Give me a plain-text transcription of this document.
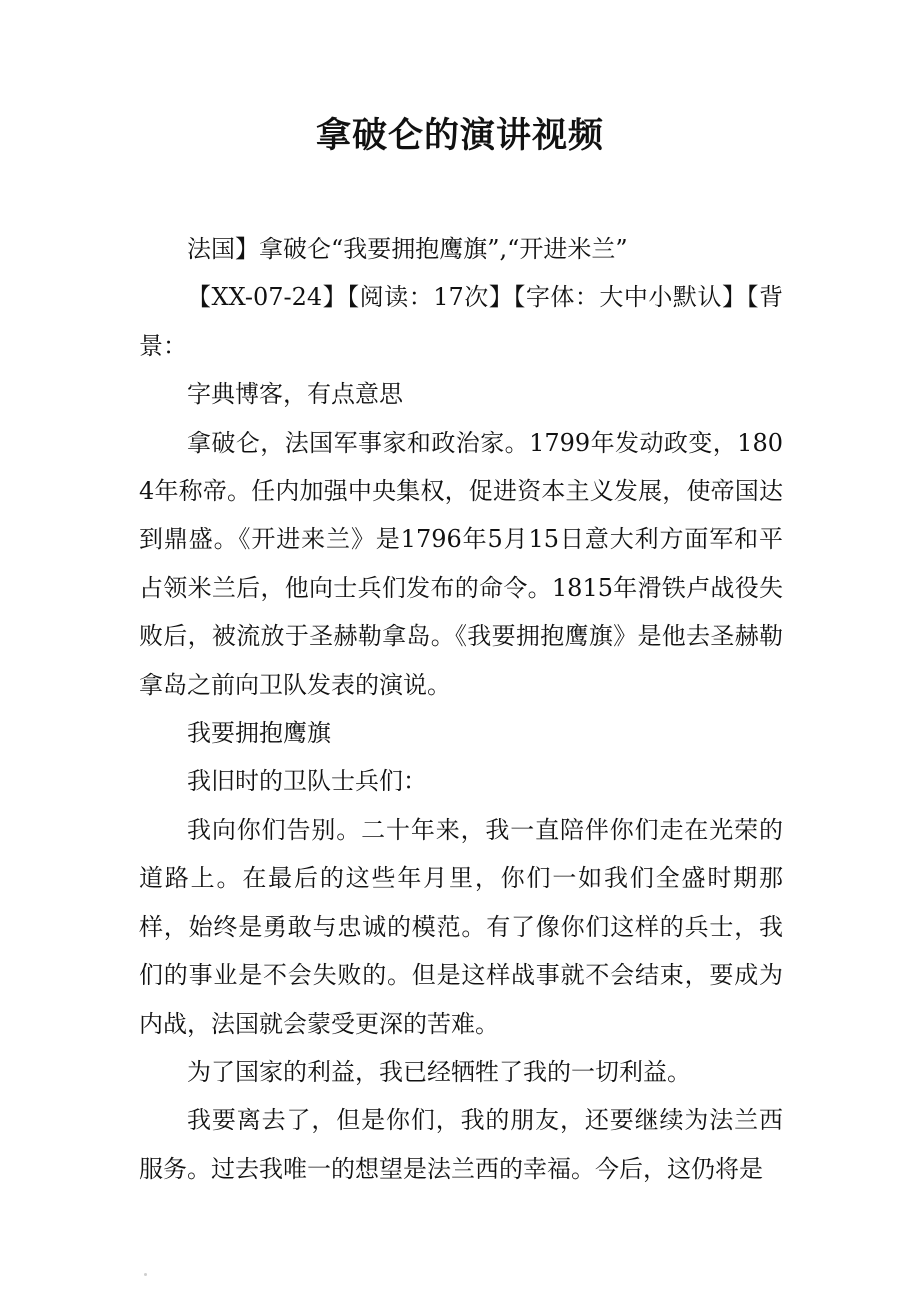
拿破仑的演讲视频

法国】拿破仑“我要拥抱鹰旗”,“开进米兰”

【XX-07-24】【阅读：17次】【字体：大中小默认】【背景：

字典博客，有点意思

拿破仑，法国军事家和政治家。1799年发动政变，1804年称帝。任内加强中央集权，促进资本主义发展，使帝国达到鼎盛。《开进来兰》是1796年5月15日意大利方面军和平占领米兰后，他向士兵们发布的命令。1815年滑铁卢战役失败后，被流放于圣赫勒拿岛。《我要拥抱鹰旗》是他去圣赫勒拿岛之前向卫队发表的演说。

我要拥抱鹰旗

我旧时的卫队士兵们：

我向你们告别。二十年来，我一直陪伴你们走在光荣的道路上。在最后的这些年月里，你们一如我们全盛时期那样，始终是勇敢与忠诚的模范。有了像你们这样的兵士，我们的事业是不会失败的。但是这样战事就不会结束，要成为内战，法国就会蒙受更深的苦难。

为了国家的利益，我已经牺牲了我的一切利益。

我要离去了，但是你们，我的朋友，还要继续为法兰西服务。过去我唯一的想望是法兰西的幸福。今后，这仍将是
